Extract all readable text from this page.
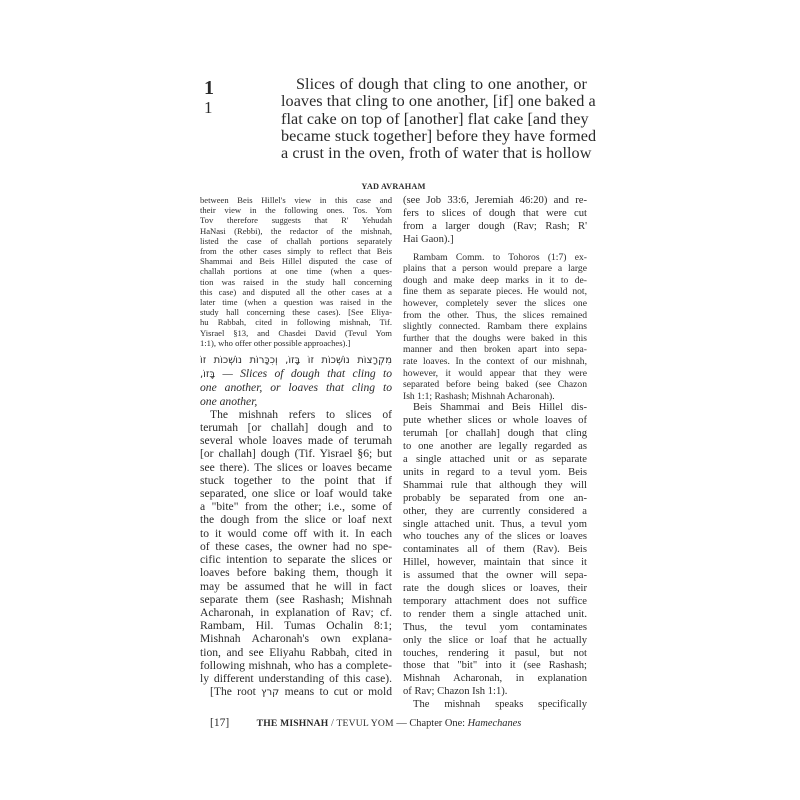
1
1
Slices of dough that cling to one another, or
loaves that cling to one another, [if] one baked a
flat cake on top of [another] flat cake [and they
became stuck together] before they have formed
a crust in the oven, froth of water that is hollow
YAD AVRAHAM
between Beis Hillel's view in this case and
their view in the following ones. Tos. Yom
Tov therefore suggests that R' Yehudah
HaNasi (Rebbi), the redactor of the mishnah,
listed the case of challah portions separately
from the other cases simply to reflect that Beis
Shammai and Beis Hillel disputed the case of
challah portions at one time (when a ques-
tion was raised in the study hall concerning
this case) and disputed all the other cases at a
later time (when a question was raised in the
study hall concerning these cases). [See Eliya-
hu Rabbah, cited in following mishnah, Tif.
Yisrael §13, and Chasdei David (Tevul Yom
1:1), who offer other possible approaches).]
מִקְרָצוֹת נוֹשְׁכוֹת זוֹ בָּזוֹ, וְכִכָּרוֹת נוֹשְׁכוֹת זוֹ
בָּזוֹ, — Slices of dough that cling to
one another, or loaves that cling to
one another,
The mishnah refers to slices of
terumah [or challah] dough and to
several whole loaves made of terumah
[or challah] dough (Tif. Yisrael §6; but
see there). The slices or loaves became
stuck together to the point that if
separated, one slice or loaf would take
a "bite" from the other; i.e., some of
the dough from the slice or loaf next
to it would come off with it. In each
of these cases, the owner had no spe-
cific intention to separate the slices or
loaves before baking them, though it
may be assumed that he will in fact
separate them (see Rashash; Mishnah
Acharonah, in explanation of Rav; cf.
Rambam, Hil. Tumas Ochalin 8:1;
Mishnah Acharonah's own explana-
tion, and see Eliyahu Rabbah, cited in
following mishnah, who has a complete-
ly different understanding of this case).
[The root קרץ means to cut or mold
(see Job 33:6, Jeremiah 46:20) and re-
fers to slices of dough that were cut
from a larger dough (Rav; Rash; R'
Hai Gaon).]
Rambam Comm. to Tohoros (1:7) ex-
plains that a person would prepare a large
dough and make deep marks in it to de-
fine them as separate pieces. He would not,
however, completely sever the slices one
from the other. Thus, the slices remained
slightly connected. Rambam there explains
further that the doughs were baked in this
manner and then broken apart into sepa-
rate loaves. In the context of our mishnah,
however, it would appear that they were
separated before being baked (see Chazon
Ish 1:1; Rashash; Mishnah Acharonah).
Beis Shammai and Beis Hillel dis-
pute whether slices or whole loaves of
terumah [or challah] dough that cling
to one another are legally regarded as
a single attached unit or as separate
units in regard to a tevul yom. Beis
Shammai rule that although they will
probably be separated from one an-
other, they are currently considered a
single attached unit. Thus, a tevul yom
who touches any of the slices or loaves
contaminates all of them (Rav). Beis
Hillel, however, maintain that since it
is assumed that the owner will sepa-
rate the dough slices or loaves, their
temporary attachment does not suffice
to render them a single attached unit.
Thus, the tevul yom contaminates
only the slice or loaf that he actually
touches, rendering it pasul, but not
those that "bit" into it (see Rashash;
Mishnah Acharonah, in explanation
of Rav; Chazon Ish 1:1).
The mishnah speaks specifically
[17]	THE MISHNAH / TEVUL YOM — Chapter One: Hamechanes
